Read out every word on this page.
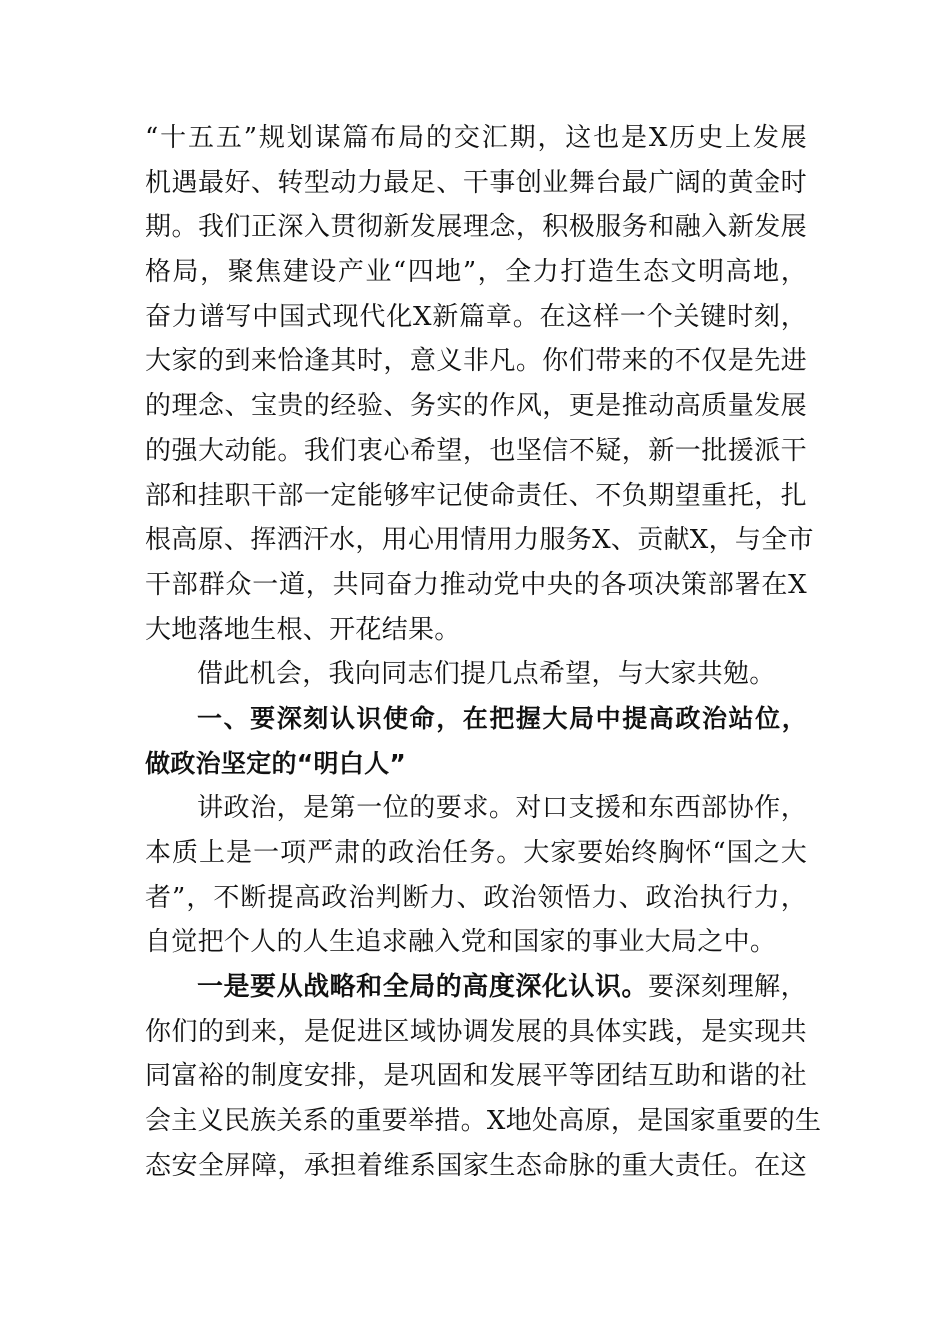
“十五五”规划谋篇布局的交汇期，这也是X历史上发展
机遇最好、转型动力最足、干事创业舞台最广阔的黄金时
期。我们正深入贯彻新发展理念，积极服务和融入新发展
格局，聚焦建设产业“四地”，全力打造生态文明高地，
奋力谱写中国式现代化X新篇章。在这样一个关键时刻，
大家的到来恰逢其时，意义非凡。你们带来的不仅是先进
的理念、宝贵的经验、务实的作风，更是推动高质量发展
的强大动能。我们衷心希望，也坚信不疑，新一批援派干
部和挂职干部一定能够牢记使命责任、不负期望重托，扎
根高原、挥洒汗水，用心用情用力服务X、贡献X，与全市
干部群众一道，共同奋力推动党中央的各项决策部署在X
大地落地生根、开花结果。
借此机会，我向同志们提几点希望，与大家共勉。
一、要深刻认识使命，在把握大局中提高政治站位，
做政治坚定的“明白人”
讲政治，是第一位的要求。对口支援和东西部协作，
本质上是一项严肃的政治任务。大家要始终胸怀“国之大
者”，不断提高政治判断力、政治领悟力、政治执行力，
自觉把个人的人生追求融入党和国家的事业大局之中。
一是要从战略和全局的高度深化认识。要深刻理解，
你们的到来，是促进区域协调发展的具体实践，是实现共
同富裕的制度安排，是巩固和发展平等团结互助和谐的社
会主义民族关系的重要举措。X地处高原，是国家重要的生
态安全屏障，承担着维系国家生态命脉的重大责任。在这
